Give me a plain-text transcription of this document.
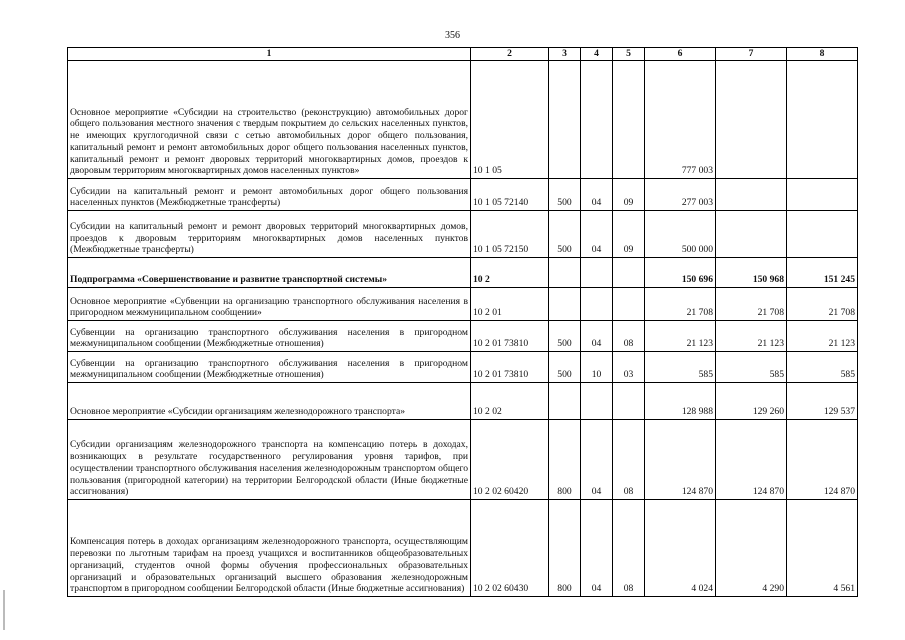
356
1	2	3	4	5	6	7	8
Основное мероприятие «Субсидии на строительство (реконструкцию) автомобильных дорог общего пользования местного значения с твердым покрытием до сельских населенных пунктов, не имеющих круглогодичной связи с сетью автомобильных дорог общего пользования, капитальный ремонт и ремонт автомобильных дорог общего пользования населенных пунктов, капитальный ремонт и ремонт дворовых территорий многоквартирных домов, проездов к дворовым территориям многоквартирных домов населенных пунктов»	10 1 05				777 003		
Субсидии на капитальный ремонт и ремонт автомобильных дорог общего пользования населенных пунктов (Межбюджетные трансферты)	10 1 05 72140	500	04	09	277 003		
Субсидии на капитальный ремонт и ремонт дворовых территорий многоквартирных домов, проездов к дворовым территориям многоквартирных домов населенных пунктов (Межбюджетные трансферты)	10 1 05 72150	500	04	09	500 000		
Подпрограмма «Совершенствование и развитие транспортной системы»	10 2				150 696	150 968	151 245
Основное мероприятие «Субвенции на организацию транспортного обслуживания населения в пригородном межмуниципальном сообщении»	10 2 01				21 708	21 708	21 708
Субвенции на организацию транспортного обслуживания населения в пригородном межмуниципальном сообщении (Межбюджетные отношения)	10 2 01 73810	500	04	08	21 123	21 123	21 123
Субвенции на организацию транспортного обслуживания населения в пригородном межмуниципальном сообщении (Межбюджетные отношения)	10 2 01 73810	500	10	03	585	585	585
Основное мероприятие «Субсидии организациям железнодорожного транспорта»	10 2 02				128 988	129 260	129 537
Субсидии организациям железнодорожного транспорта на компенсацию потерь в доходах, возникающих в результате государственного регулирования уровня тарифов, при осуществлении транспортного обслуживания населения железнодорожным транспортом общего пользования (пригородной категории) на территории Белгородской области (Иные бюджетные ассигнования)	10 2 02 60420	800	04	08	124 870	124 870	124 870
Компенсация потерь в доходах организациям железнодорожного транспорта, осуществляющим перевозки по льготным тарифам на проезд учащихся и воспитанников общеобразовательных организаций, студентов очной формы обучения профессиональных образовательных организаций и образовательных организаций высшего образования железнодорожным транспортом в пригородном сообщении Белгородской области (Иные бюджетные ассигнования)	10 2 02 60430	800	04	08	4 024	4 290	4 561
